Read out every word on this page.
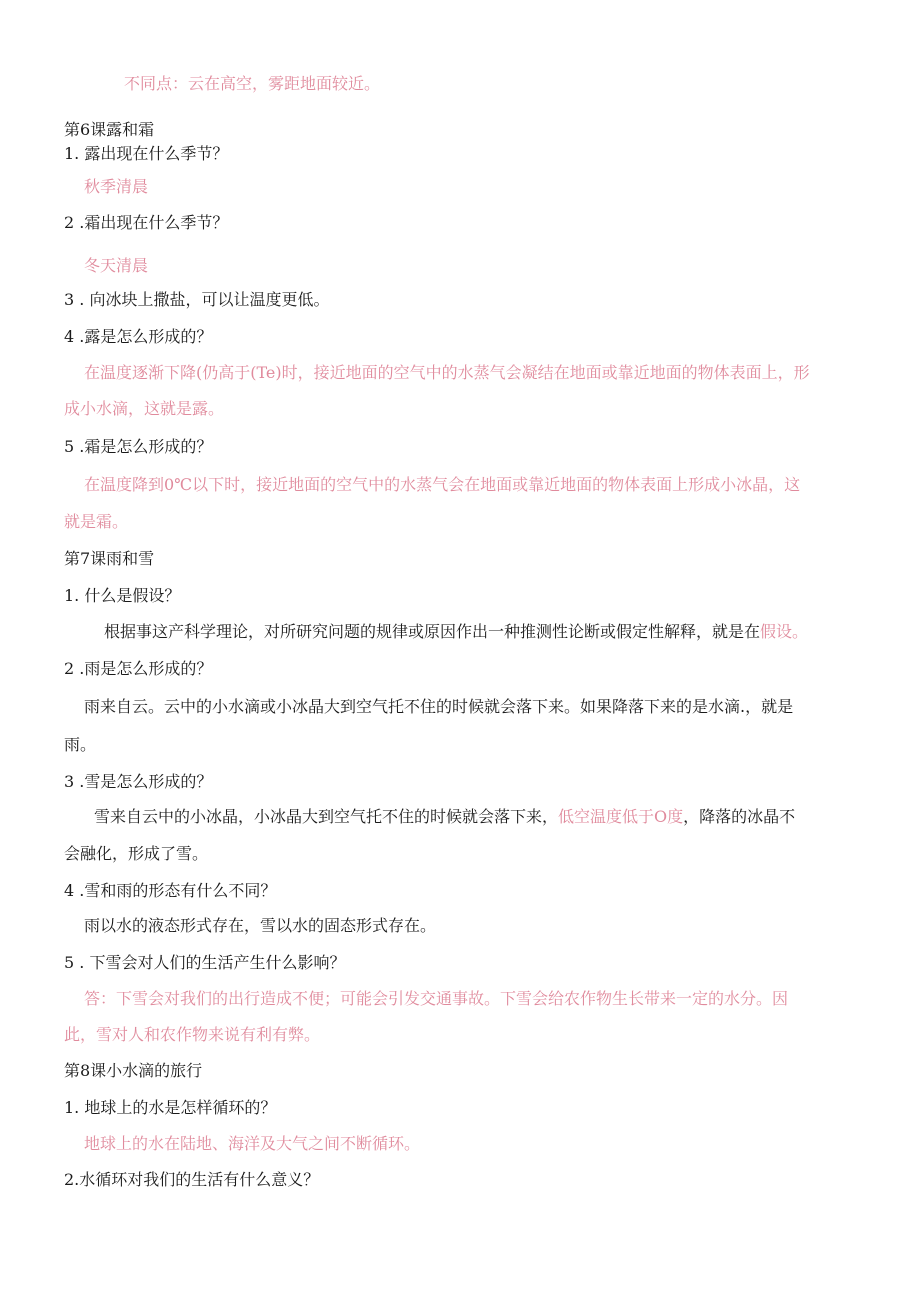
不同点：云在高空，雾距地面较近。
第6课露和霜
1. 露出现在什么季节？
秋季清晨
2 .霜出现在什么季节？
冬天清晨
3 . 向冰块上撒盐，可以让温度更低。
4 .露是怎么形成的？
在温度逐渐下降(仍高于(Te)时，接近地面的空气中的水蒸气会凝结在地面或靠近地面的物体表面上，形
成小水滴，这就是露。
5 .霜是怎么形成的？
在温度降到0℃以下时，接近地面的空气中的水蒸气会在地面或靠近地面的物体表面上形成小冰晶，这
就是霜。
第7课雨和雪
1. 什么是假设？
根据事这产科学理论，对所研究问题的规律或原因作出一种推测性论断或假定性解释，就是在假设。
2 .雨是怎么形成的？
雨来自云。云中的小水滴或小冰晶大到空气托不住的时候就会落下来。如果降落下来的是水滴.，就是
雨。
3 .雪是怎么形成的？
雪来自云中的小冰晶，小冰晶大到空气托不住的时候就会落下来，低空温度低于O度，降落的冰晶不
会融化，形成了雪。
4 .雪和雨的形态有什么不同？
雨以水的液态形式存在，雪以水的固态形式存在。
5 . 下雪会对人们的生活产生什么影响？
答：下雪会对我们的出行造成不便；可能会引发交通事故。下雪会给农作物生长带来一定的水分。因
此，雪对人和农作物来说有利有弊。
第8课小水滴的旅行
1. 地球上的水是怎样循环的？
地球上的水在陆地、海洋及大气之间不断循环。
2.水循环对我们的生活有什么意义？
